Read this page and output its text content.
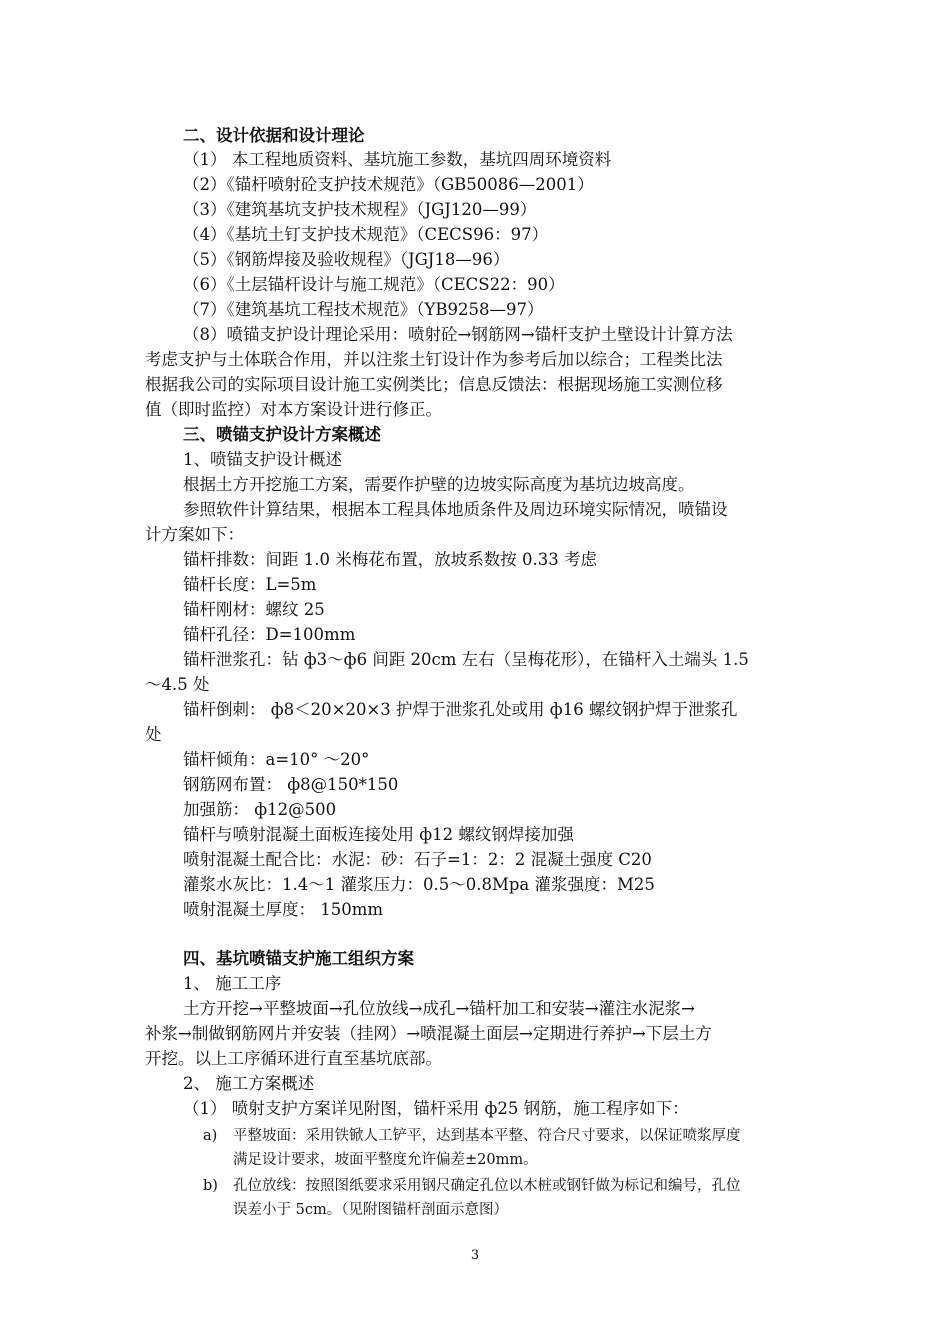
二、设计依据和设计理论
（1） 本工程地质资料、基坑施工参数，基坑四周环境资料
（2）《锚杆喷射砼支护技术规范》（GB50086—2001）
（3）《建筑基坑支护技术规程》（JGJ120—99）
（4）《基坑土钉支护技术规范》（CECS96：97）
（5）《钢筋焊接及验收规程》（JGJ18—96）
（6）《土层锚杆设计与施工规范》（CECS22：90）
（7）《建筑基坑工程技术规范》（YB9258—97）
（8）喷锚支护设计理论采用：喷射砼→钢筋网→锚杆支护土壁设计计算方法
考虑支护与土体联合作用，并以注浆土钉设计作为参考后加以综合；工程类比法
根据我公司的实际项目设计施工实例类比；信息反馈法：根据现场施工实测位移
值（即时监控）对本方案设计进行修正。
三、喷锚支护设计方案概述
1、喷锚支护设计概述
根据土方开挖施工方案，需要作护壁的边坡实际高度为基坑边坡高度。
参照软件计算结果，根据本工程具体地质条件及周边环境实际情况，喷锚设
计方案如下：
锚杆排数：间距 1.0 米梅花布置，放坡系数按 0.33 考虑
锚杆长度：L=5m
锚杆刚材：螺纹 25
锚杆孔径：D=100mm
锚杆泄浆孔：钻 ф3～ф6 间距 20cm 左右（呈梅花形），在锚杆入土端头 1.5
～4.5 处
锚杆倒刺： ф8＜20×20×3 护焊于泄浆孔处或用 ф16 螺纹钢护焊于泄浆孔
处
锚杆倾角：a=10° ～20°
钢筋网布置： ф8@150*150
加强筋： ф12@500
锚杆与喷射混凝土面板连接处用 ф12 螺纹钢焊接加强
喷射混凝土配合比：水泥：砂：石子=1：2：2 混凝土强度 C20
灌浆水灰比：1.4～1 灌浆压力：0.5～0.8Mpa 灌浆强度：M25
喷射混凝土厚度： 150mm
四、基坑喷锚支护施工组织方案
1、 施工工序
土方开挖→平整坡面→孔位放线→成孔→锚杆加工和安装→灌注水泥浆→
补浆→制做钢筋网片并安装（挂网）→喷混凝土面层→定期进行养护→下层土方
开挖。以上工序循环进行直至基坑底部。
2、 施工方案概述
（1） 喷射支护方案详见附图，锚杆采用 ф25 钢筋，施工程序如下：
a)	平整坡面：采用铁锨人工铲平，达到基本平整、符合尺寸要求，以保证喷浆厚度
满足设计要求，坡面平整度允许偏差±20mm。
b)	孔位放线：按照图纸要求采用钢尺确定孔位以木桩或钢钎做为标记和编号，孔位
误差小于 5cm。（见附图锚杆剖面示意图）
3
